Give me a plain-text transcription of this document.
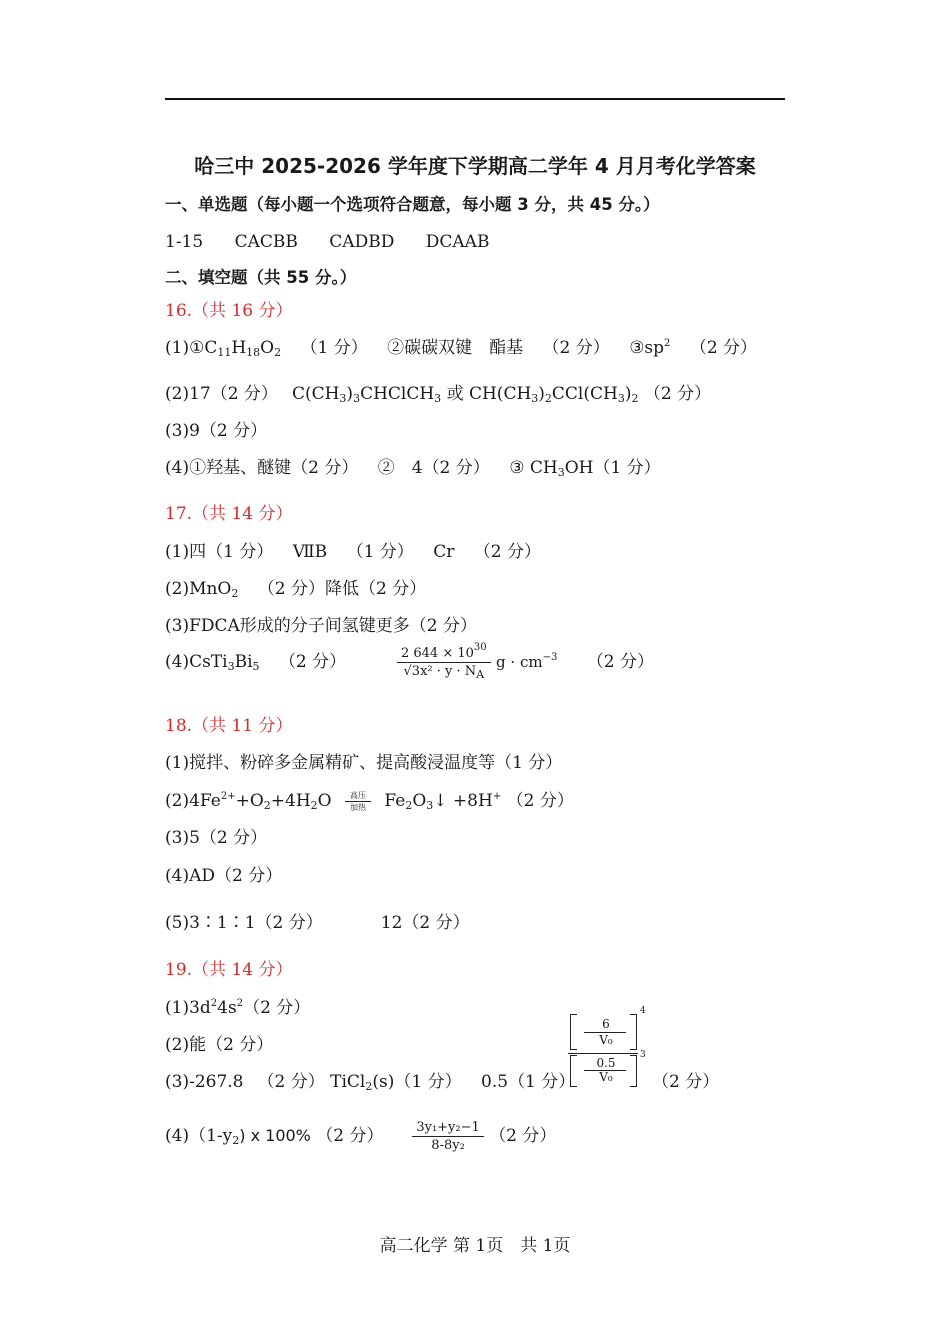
哈三中 2025-2026 学年度下学期高二学年 4 月月考化学答案
一、单选题（每小题一个选项符合题意，每小题 3 分，共 45 分。）
1-15 CACBB CADBD DCAAB
二、填空题（共 55 分。）
16.（共 16 分）
$(1)①C_{11}H_{18}O_2$ （1 分） ②碳碳双键　酯基 （2 分） $③sp^2$ （2 分）
(2)17（2 分） $C(CH_3)_3CHClCH_3$ 或 $CH(CH_3)_2CCl(CH_3)_2$ （2 分）
(3)9（2 分）
(4)①羟基、醚键（2 分） ②　4（2 分） ③ $CH_3OH(1$ 分）
17.（共 14 分）
(1)四（1 分） ⅦB （1 分） Cr （2 分）
(2)MnO$_2$ （2 分）降低（2 分）
(3)FDCA形成的分子间氢键更多（2 分）
$(4)CsTi_3Bi_5$ （2 分）	$\frac{2 644 \times 10^{30}}{√3x^2 \cdot y \cdot N_A}$ $g \cdot cm^{-3}$ （2 分）
18.（共 11 分）
(1)搅拌、粉碎多金属精矿、提高酸浸温度等（1 分）
$(2)4Fe^{2+}+O_2+4H_2O$ 高压
加热 $Fe_2O_3↓ +8H^+$ （2 分）
(3)5（2 分）
(4)AD（2 分）
(5)3∶1∶1（2 分）	12（2 分）
19.（共 14 分）
$(1)3d^24s^2(2$ 分）
(2)能（2 分）
(3)-267.8 （2 分） TiCl$_2$(s)（1 分） 0.5（1 分）
6
V₀
4
0.5
V₀
3
（2 分）
$(4)(1-y_2)$ x 100% （2 分） $\frac{\text{3y₁+y₂−1}}{\text{8-8y₂}} (2$ 分）
高二化学 第 1页　共 1页
